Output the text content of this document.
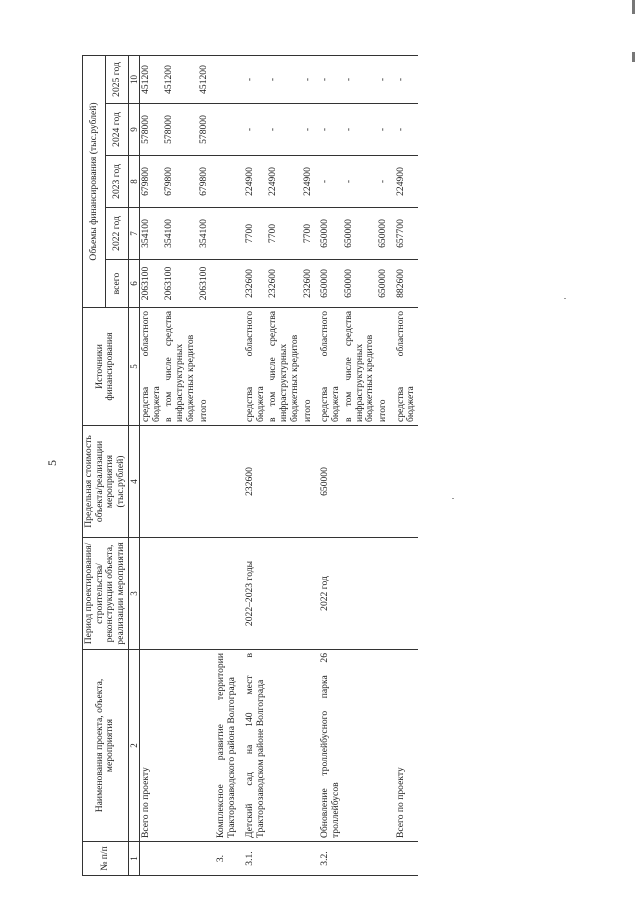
5
№ п/п	Наименования проекта, объекта, мероприятия	Период проектирования/ строительства/ реконструкции объекта, реализации мероприятия	Предельная стоимость объекта/реализации мероприятия (тыс.рублей)	Источники финансирования	Объемы финансирования (тыс.рублей)				
					всего	2022 год	2023 год	2024 год	2025 год
1	2	3	4	5	6	7	8	9	10
	Всего по проекту			средства областного бюджета	2063100	354100	679800	578000	451200
				в том числе средства инфраструктурных бюджетных кредитов	2063100	354100	679800	578000	451200
				итого	2063100	354100	679800	578000	451200
3.	Комплексное развитие территории Тракторозаводского района Волгограда								
3.1.	Детский сад на 140 мест в Тракторозаводском районе Волгограда	2022–2023 годы	232600	средства областного бюджета	232600	7700	224900	-	-
				в том числе средства инфраструктурных бюджетных кредитов	232600	7700	224900	-	-
				итого	232600	7700	224900	-	-
3.2.	Обновление троллейбусного парка 26 троллейбусов	2022 год	650000	средства областного бюджета	650000	650000	-	-	-
				в том числе средства инфраструктурных бюджетных кредитов	650000	650000	-	-	-
				итого	650000	650000	-	-	-
	Всего по проекту			средства областного бюджета	882600	657700	224900	-	-
